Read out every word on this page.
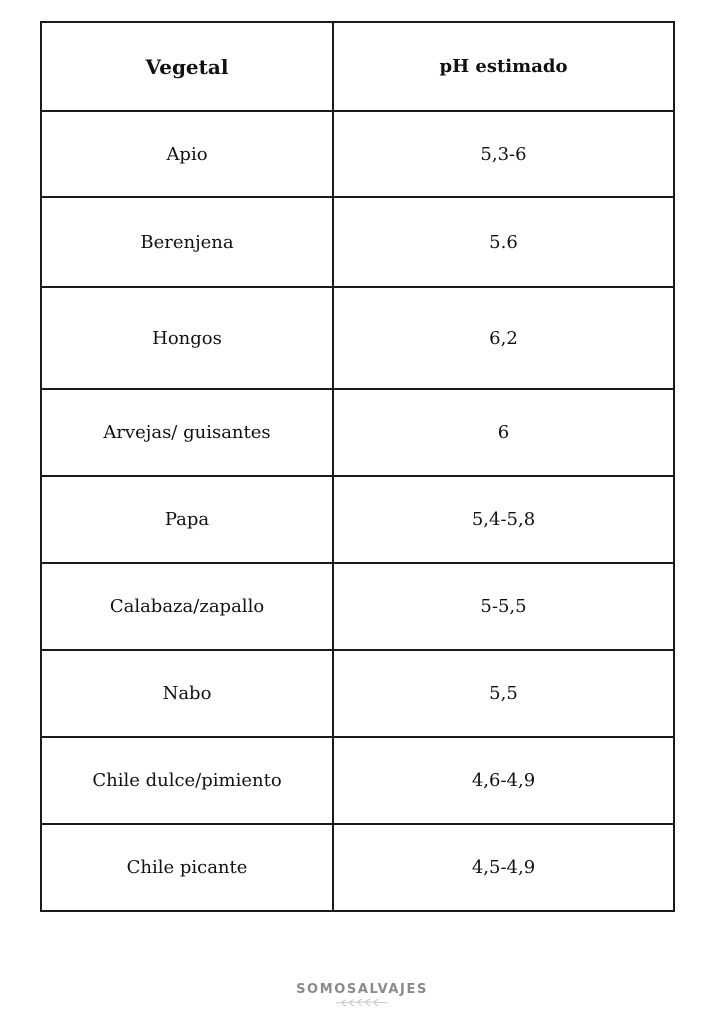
Vegetal	pH estimado
Apio	5,3-6
Berenjena	5.6
Hongos	6,2
Arvejas/ guisantes	6
Papa	5,4-5,8
Calabaza/zapallo	5-5,5
Nabo	5,5
Chile dulce/pimiento	4,6-4,9
Chile picante	4,5-4,9
SOMOSALVAJES
